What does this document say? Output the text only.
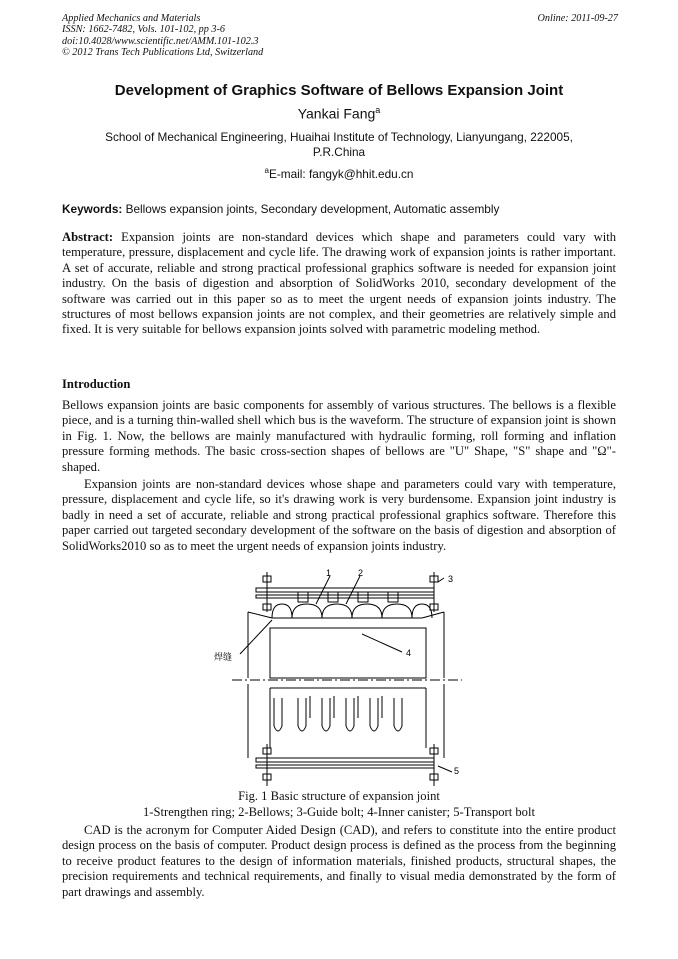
Applied Mechanics and Materials
ISSN: 1662-7482, Vols. 101-102, pp 3-6
doi:10.4028/www.scientific.net/AMM.101-102.3
© 2012 Trans Tech Publications Ltd, Switzerland
Online: 2011-09-27
Development of Graphics Software of Bellows Expansion Joint
Yankai Fang$^a$
School of Mechanical Engineering, Huaihai Institute of Technology, Lianyungang, 222005, P.R.China
$^a$E-mail: fangyk@hhit.edu.cn
Keywords: Bellows expansion joints, Secondary development, Automatic assembly

Abstract: Expansion joints are non-standard devices which shape and parameters could vary with temperature, pressure, displacement and cycle life. The drawing work of expansion joints is rather important. A set of accurate, reliable and strong practical professional graphics software is needed for expansion joint industry. On the basis of digestion and absorption of SolidWorks 2010, secondary development of the software was carried out in this paper so as to meet the urgent needs of expansion joints industry. The structures of most bellows expansion joints are not complex, and their geometries are relatively simple and fixed. It is very suitable for bellows expansion joints solved with parametric modeling method.

Introduction

Bellows expansion joints are basic components for assembly of various structures. The bellows is a flexible piece, and is a turning thin-walled shell which bus is the waveform. The structure of expansion joint is shown in Fig. 1. Now, the bellows are mainly manufactured with hydraulic forming, roll forming and inflation pressure forming methods. The basic cross-section shapes of bellows are "U" Shape, "S" shape and "Ω"-shaped.

Expansion joints are non-standard devices whose shape and parameters could vary with temperature, pressure, displacement and cycle life, so it's drawing work is very burdensome. Expansion joint industry is badly in need a set of accurate, reliable and strong practical professional graphics software. Therefore this paper carried out targeted secondary development of the software on the basis of digestion and absorption of SolidWorks2010 so as to meet the urgent needs of expansion joints industry.

1	2
3
4
5
焊缝
Fig. 1 Basic structure of expansion joint
1-Strengthen ring; 2-Bellows; 3-Guide bolt; 4-Inner canister; 5-Transport bolt

CAD is the acronym for Computer Aided Design (CAD), and refers to constitute into the entire product design process on the basis of computer. Product design process is defined as the process from the beginning to receive product features to the design of information materials, finished products, structural shapes, the precision requirements and technical requirements, and finally to visual media demonstrated by the form of part drawings and assembly.
